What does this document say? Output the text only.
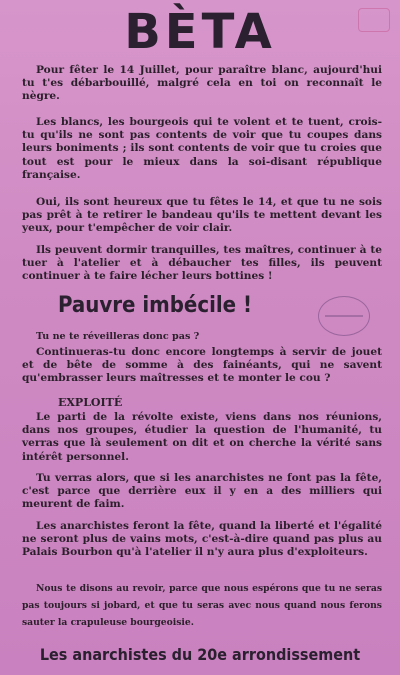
BÈTA
Pour fêter le 14 Juillet, pour paraître blanc, aujourd'hui tu t'es débarbouillé, malgré cela en toi on reconnaît le nègre.
Les blancs, les bourgeois qui te volent et te tuent, crois-tu qu'ils ne sont pas contents de voir que tu coupes dans leurs boniments ; ils sont contents de voir que tu croies que tout est pour le mieux dans la soi-disant république française.
Oui, ils sont heureux que tu fêtes le 14, et que tu ne sois pas prêt à te retirer le bandeau qu'ils te mettent devant les yeux, pour t'empêcher de voir clair.
Ils peuvent dormir tranquilles, tes maîtres, continuer à te tuer à l'atelier et à débaucher tes filles, ils peuvent continuer à te faire lécher leurs bottines !
Pauvre imbécile !
Tu ne te réveilleras donc pas ?
Continueras-tu donc encore longtemps à servir de jouet et de bête de somme à des fainéants, qui ne savent qu'embrasser leurs maîtresses et te monter le cou ?
EXPLOITÉ
Le parti de la révolte existe, viens dans nos réunions, dans nos groupes, étudier la question de l'humanité, tu verras que là seulement on dit et on cherche la vérité sans intérêt personnel.
Tu verras alors, que si les anarchistes ne font pas la fête, c'est parce que derrière eux il y en a des milliers qui meurent de faim.
Les anarchistes feront la fête, quand la liberté et l'égalité ne seront plus de vains mots, c'est-à-dire quand pas plus au Palais Bourbon qu'à l'atelier il n'y aura plus d'exploiteurs.
Nous te disons au revoir, parce que nous espérons que tu ne seras pas toujours si jobard, et que tu seras avec nous quand nous ferons sauter la crapuleuse bourgeoisie.
Les anarchistes du 20e arrondissement
